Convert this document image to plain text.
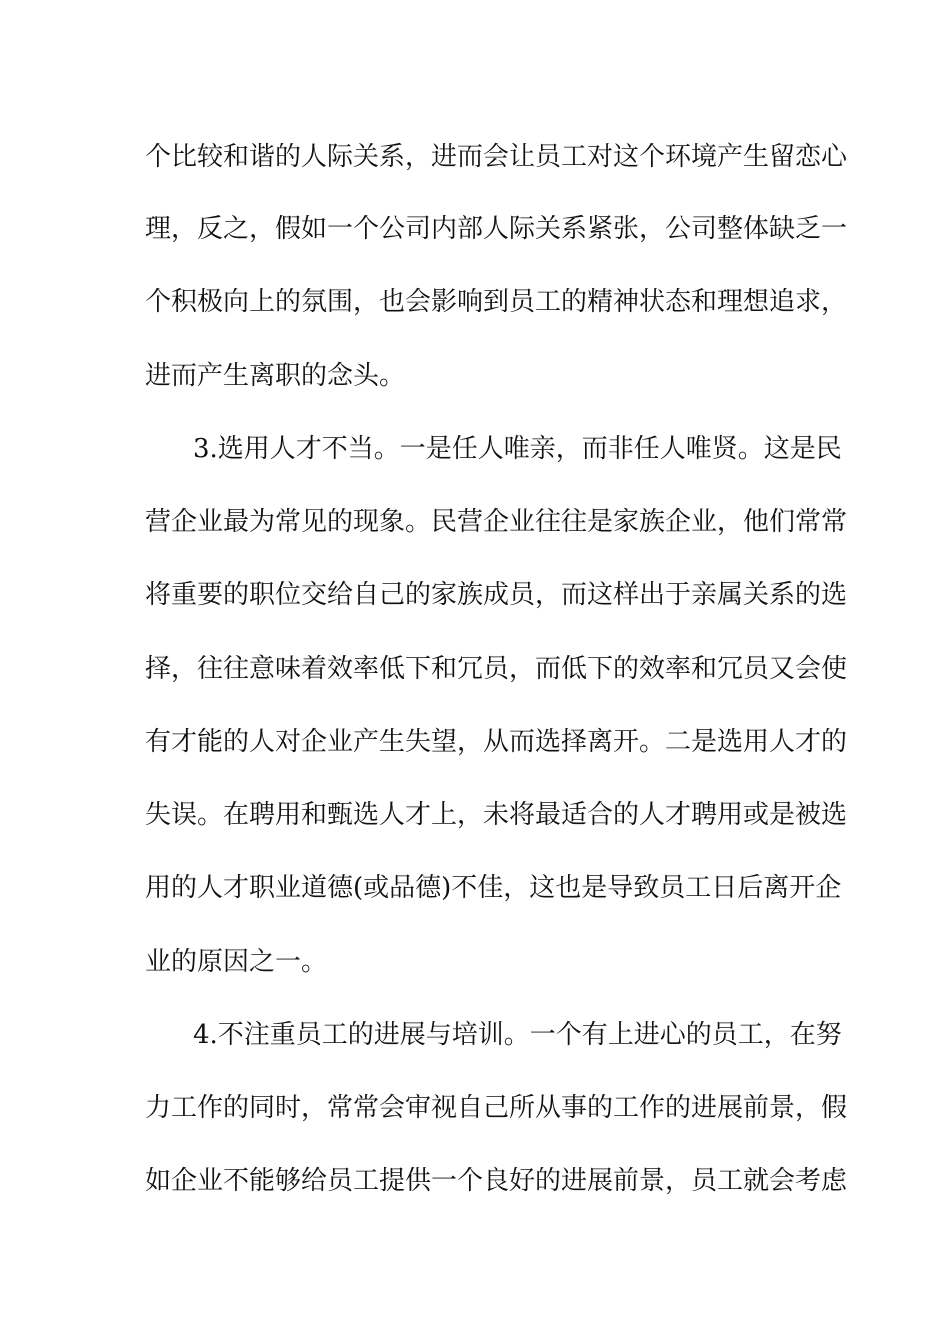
个比较和谐的人际关系，进而会让员工对这个环境产生留恋心
理，反之，假如一个公司内部人际关系紧张，公司整体缺乏一
个积极向上的氛围，也会影响到员工的精神状态和理想追求，
进而产生离职的念头。
3.选用人才不当。一是任人唯亲，而非任人唯贤。这是民
营企业最为常见的现象。民营企业往往是家族企业，他们常常
将重要的职位交给自己的家族成员，而这样出于亲属关系的选
择，往往意味着效率低下和冗员，而低下的效率和冗员又会使
有才能的人对企业产生失望，从而选择离开。二是选用人才的
失误。在聘用和甄选人才上，未将最适合的人才聘用或是被选
用的人才职业道德(或品德)不佳，这也是导致员工日后离开企
业的原因之一。
4.不注重员工的进展与培训。一个有上进心的员工，在努
力工作的同时，常常会审视自己所从事的工作的进展前景，假
如企业不能够给员工提供一个良好的进展前景，员工就会考虑
